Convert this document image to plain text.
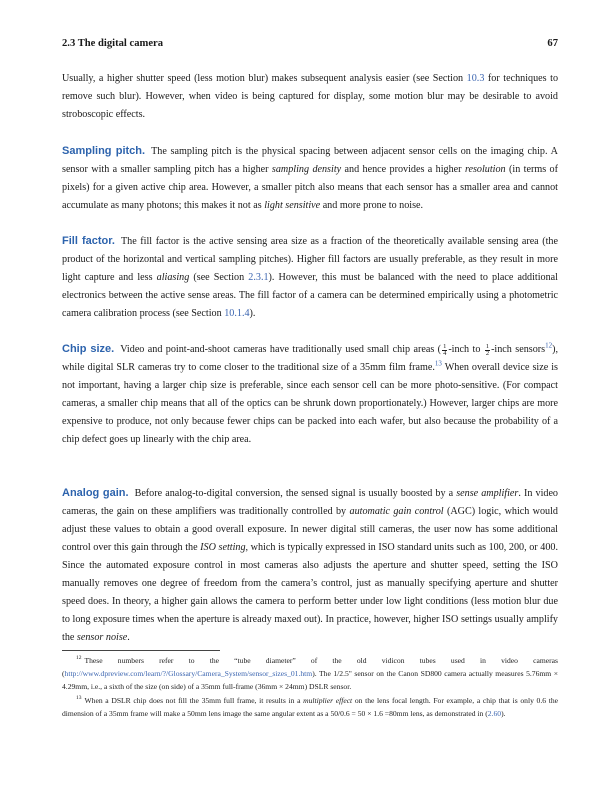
2.3 The digital camera	67

Usually, a higher shutter speed (less motion blur) makes subsequent analysis easier (see Section 10.3 for techniques to remove such blur). However, when video is being captured for display, some motion blur may be desirable to avoid stroboscopic effects.

Sampling pitch. The sampling pitch is the physical spacing between adjacent sensor cells on the imaging chip. A sensor with a smaller sampling pitch has a higher sampling density and hence provides a higher resolution (in terms of pixels) for a given active chip area. However, a smaller pitch also means that each sensor has a smaller area and cannot accumulate as many photons; this makes it not as light sensitive and more prone to noise.

Fill factor. The fill factor is the active sensing area size as a fraction of the theoretically available sensing area (the product of the horizontal and vertical sampling pitches). Higher fill factors are usually preferable, as they result in more light capture and less aliasing (see Section 2.3.1). However, this must be balanced with the need to place additional electronics between the active sense areas. The fill factor of a camera can be determined empirically using a photometric camera calibration process (see Section 10.1.4).

Chip size. Video and point-and-shoot cameras have traditionally used small chip areas ( $\frac{1}{4}$ -inch to $\frac{1}{2}$ -inch sensors$^{12}$), while digital SLR cameras try to come closer to the traditional size of a 35mm film frame.$^{13}$ When overall device size is not important, having a larger chip size is preferable, since each sensor cell can be more photo-sensitive. (For compact cameras, a smaller chip means that all of the optics can be shrunk down proportionately.) However, larger chips are more expensive to produce, not only because fewer chips can be packed into each wafer, but also because the probability of a chip defect goes up linearly with the chip area.

Analog gain. Before analog-to-digital conversion, the sensed signal is usually boosted by a sense amplifier. In video cameras, the gain on these amplifiers was traditionally controlled by automatic gain control (AGC) logic, which would adjust these values to obtain a good overall exposure. In newer digital still cameras, the user now has some additional control over this gain through the ISO setting, which is typically expressed in ISO standard units such as 100, 200, or 400. Since the automated exposure control in most cameras also adjusts the aperture and shutter speed, setting the ISO manually removes one degree of freedom from the camera’s control, just as manually specifying aperture and shutter speed does. In theory, a higher gain allows the camera to perform better under low light conditions (less motion blur due to long exposure times when the aperture is already maxed out). In practice, however, higher ISO settings usually amplify the sensor noise.

$^{12}$ These numbers refer to the “tube diameter” of the old vidicon tubes used in video cameras (http://www.dpreview.com/learn/?/Glossary/Camera_System/sensor_sizes_01.htm). The 1/2.5" sensor on the Canon SD800 camera actually measures 5.76mm × 4.29mm, i.e., a sixth of the size (on side) of a 35mm full-frame (36mm × 24mm) DSLR sensor.

$^{13}$ When a DSLR chip does not fill the 35mm full frame, it results in a multiplier effect on the lens focal length. For example, a chip that is only 0.6 the dimension of a 35mm frame will make a 50mm lens image the same angular extent as a 50/0.6 = 50 × 1.6 =80mm lens, as demonstrated in (2.60).
